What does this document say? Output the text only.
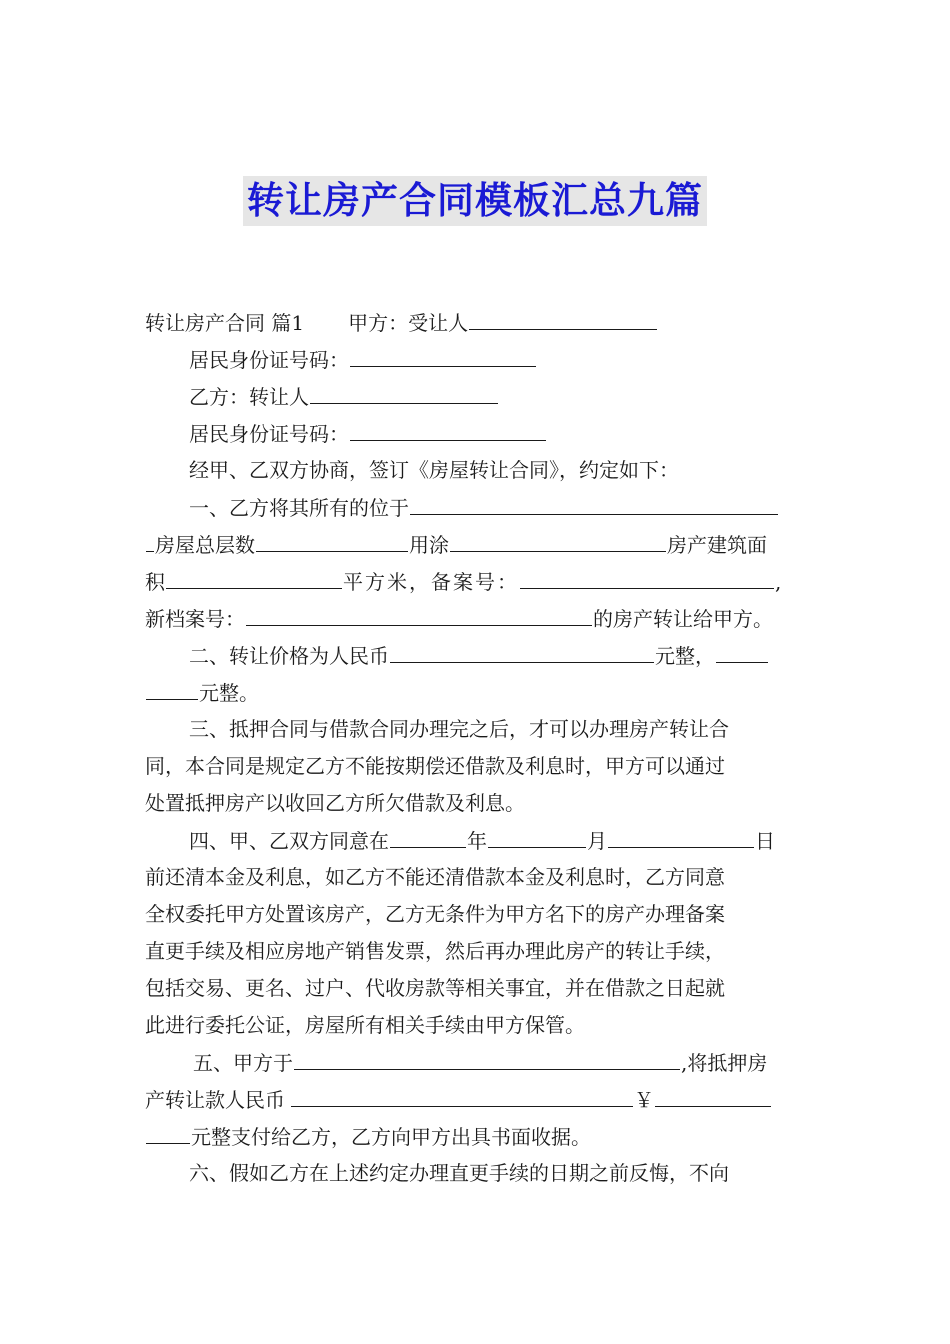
转让房产合同模板汇总九篇
转让房产合同 篇1 甲方：受让人
居民身份证号码：
乙方：转让人
居民身份证号码：
经甲、乙双方协商，签订《房屋转让合同》，约定如下：
一、乙方将其所有的位于
房屋总层数	用涂	房产建筑面
积	平方米，备案号：	,
新档案号：	的房产转让给甲方。
二、转让价格为人民币	元整，
元整。
三、抵押合同与借款合同办理完之后，才可以办理房产转让合
同，本合同是规定乙方不能按期偿还借款及利息时，甲方可以通过
处置抵押房产以收回乙方所欠借款及利息。
四、甲、乙双方同意在	年	月	日
前还清本金及利息，如乙方不能还清借款本金及利息时，乙方同意
全权委托甲方处置该房产，乙方无条件为甲方名下的房产办理备案
直更手续及相应房地产销售发票，然后再办理此房产的转让手续，
包括交易、更名、过户、代收房款等相关事宜，并在借款之日起就
此进行委托公证，房屋所有相关手续由甲方保管。
五、甲方于	,将抵押房
产转让款人民币	￥
元整支付给乙方，乙方向甲方出具书面收据。
六、假如乙方在上述约定办理直更手续的日期之前反悔，不向
